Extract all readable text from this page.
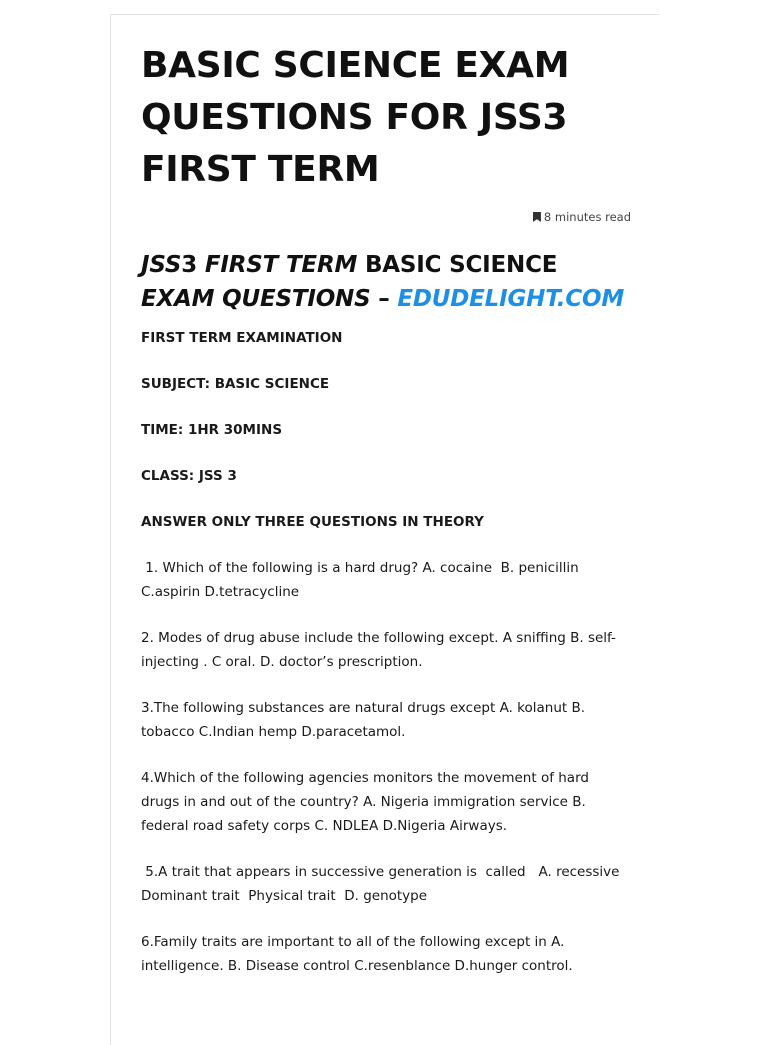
BASIC SCIENCE EXAM QUESTIONS FOR JSS3 FIRST TERM
8 minutes read
JSS3 FIRST TERM BASIC SCIENCE EXAM QUESTIONS – EDUDELIGHT.COM

FIRST TERM EXAMINATION

SUBJECT: BASIC SCIENCE

TIME: 1HR 30MINS

CLASS: JSS 3

ANSWER ONLY THREE QUESTIONS IN THEORY

1. Which of the following is a hard drug? A. cocaine  B. penicillin C.aspirin D.tetracycline

2. Modes of drug abuse include the following except. A sniffing B. self-injecting . C oral. D. doctor’s prescription.

3.The following substances are natural drugs except A. kolanut B. tobacco C.Indian hemp D.paracetamol.

4.Which of the following agencies monitors the movement of hard drugs in and out of the country? A. Nigeria immigration service B. federal road safety corps C. NDLEA D.Nigeria Airways.

5.A trait that appears in successive generation is  called   A. recessive Dominant trait  Physical trait  D. genotype

6.Family traits are important to all of the following except in A. intelligence. B. Disease control C.resenblance D.hunger control.
